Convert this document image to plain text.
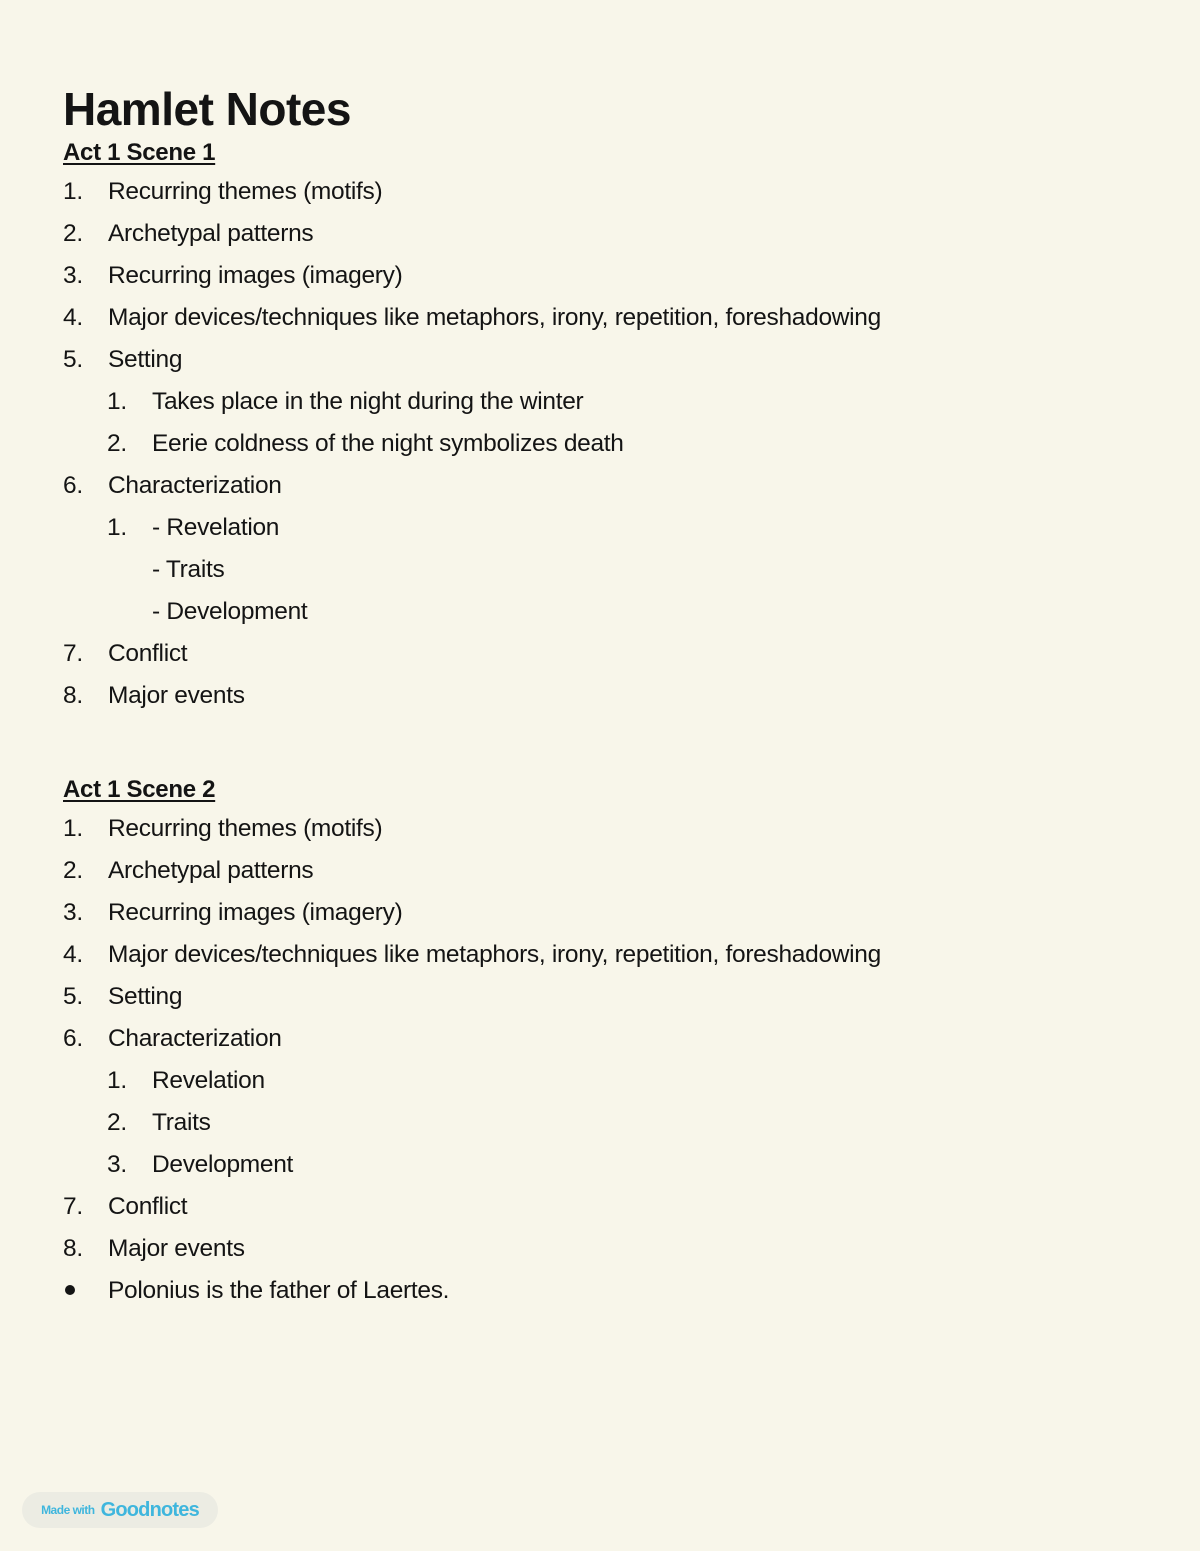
Hamlet Notes
Act 1 Scene 1
1.	Recurring themes (motifs)
2.	Archetypal patterns
3.	Recurring images (imagery)
4.	Major devices/techniques like metaphors, irony, repetition, foreshadowing
5.	Setting
1.	Takes place in the night during the winter
2.	Eerie coldness of the night symbolizes death
6.	Characterization
1.	- Revelation
- Traits
- Development
7.	Conflict
8.	Major events
Act 1 Scene 2
1.	Recurring themes (motifs)
2.	Archetypal patterns
3.	Recurring images (imagery)
4.	Major devices/techniques like metaphors, irony, repetition, foreshadowing
5.	Setting
6.	Characterization
1.	Revelation
2.	Traits
3.	Development
7.	Conflict
8.	Major events
Polonius is the father of Laertes.
Made with Goodnotes
